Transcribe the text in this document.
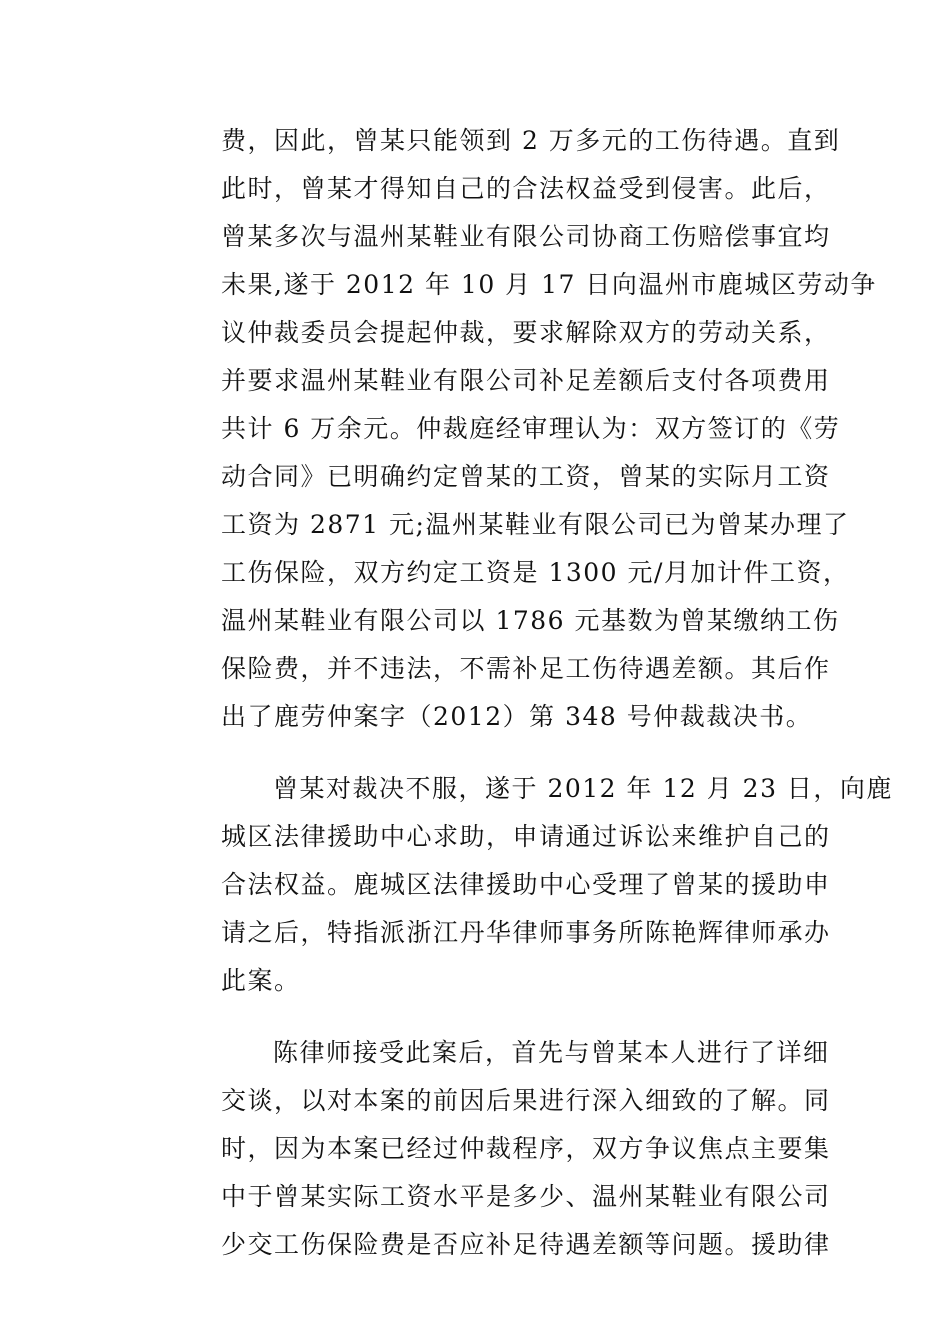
费，因此，曾某只能领到 2 万多元的工伤待遇。直到
此时，曾某才得知自己的合法权益受到侵害。此后，
曾某多次与温州某鞋业有限公司协商工伤赔偿事宜均
未果,遂于 2012 年 10 月 17 日向温州市鹿城区劳动争
议仲裁委员会提起仲裁，要求解除双方的劳动关系，
并要求温州某鞋业有限公司补足差额后支付各项费用
共计 6 万余元。仲裁庭经审理认为：双方签订的《劳
动合同》已明确约定曾某的工资，曾某的实际月工资
工资为 2871 元;温州某鞋业有限公司已为曾某办理了
工伤保险，双方约定工资是 1300 元/月加计件工资，
温州某鞋业有限公司以 1786 元基数为曾某缴纳工伤
保险费，并不违法，不需补足工伤待遇差额。其后作
出了鹿劳仲案字（2012）第 348 号仲裁裁决书。
曾某对裁决不服，遂于 2012 年 12 月 23 日，向鹿
城区法律援助中心求助，申请通过诉讼来维护自己的
合法权益。鹿城区法律援助中心受理了曾某的援助申
请之后，特指派浙江丹华律师事务所陈艳辉律师承办
此案。
陈律师接受此案后，首先与曾某本人进行了详细
交谈，以对本案的前因后果进行深入细致的了解。同
时，因为本案已经过仲裁程序，双方争议焦点主要集
中于曾某实际工资水平是多少、温州某鞋业有限公司
少交工伤保险费是否应补足待遇差额等问题。援助律
